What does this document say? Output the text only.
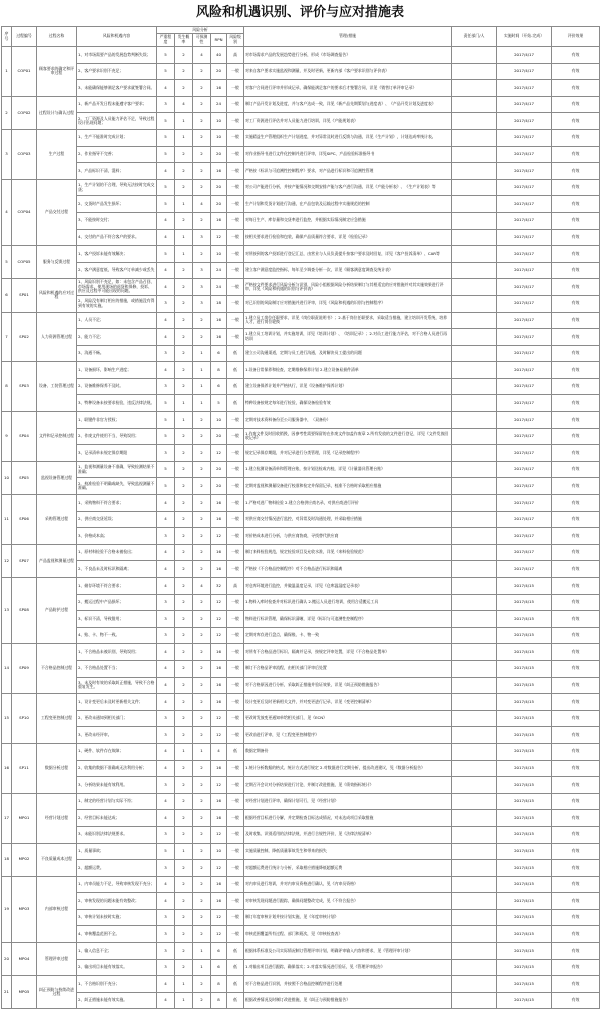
风险和机遇识别、评价与应对措施表
序号	过程编号	过程名称	风险和机遇内容	风险分析					管理/措施	责任部门/人	实施时间（开始-完成）	评价效果
				严重程度	发生概率	可探测性	RPN	风险级别				
1	COP01	顾客要求的确定和评审过程	1、对市场需要产品的发展趋势判断失误；	5	2	4	40	高	对市场需求产品的发展趋势进行分析，形成《市场调查报告》		2017/4/17	有效
			2、客户要求识别不充足；	5	2	2	20	一般	对来自客户要求实施监视和测量，并及时更新，更新内部《客户要求识别与评价表》		2017/4/17	有效
			3、未能确保能够满足客户要求就签署合同。	4	2	2	16	一般	对客户合同进行评审并形成记录，确保能满足客户的要求后才签署合同，详见《销售订单评审记录》		2017/4/17	有效
2	COP02	过程设计与确认过程	1、新产品开发日程未能遵守客户要求；	3	4	2	24	一般	制订产品开发计划及进度，并与客户达成一致，详见《新产品先期策划与进度表》、《产品开发计划及进度表》		2017/4/17	有效
			2、工厂资源及人员能力评估不足，导致过程设计出现问题；	5	1	2	10	一般	对工厂资源进行评估并对人员能力进行培训，详见《产能规划表》		2017/4/17	有效
3	COP03	生产过程	1、生产不能准时完成计划；	5	1	2	10	一般	实施精益生产管理组织生产计划进度，并对异常及时进行反馈与沟通，详见《生产计划》，计划达成率统计表。		2017/4/17	有效
			2、作业指导不完善；	5	2	2	20	一般	对作业指导书进行文件化控制并进行评审，详见SIPC、产品检验标准指导书		2017/4/17	有效
			3、产品标识不清，混料；	4	2	2	16	一般	严格按《标识与可追溯性控制程序》要求，对产品进行标识和可追溯性管理		2017/4/17	有效
4	COP04	产品交付过程	1、生产计划的不合理，导致无法按时完成交货；	5	2	2	20	一般	对公司产能进行分析，并按产能情况和交期安排产能与客户进行沟通，详见《产能分析表》、《生产计划表》等		2017/4/17	有效
			2、交货时产品发生损坏；	5	1	4	20	一般	生产计划和发货计划进行沟通，在产品包装及运输过程中实施规范的控制		2017/4/17	有效
			3、不能按时交付；	4	2	2	16	一般	对每日生产、库存量和交货率进行监控，并根据实际情况制定应急措施		2017/4/17	有效
			4、交付的产品不符合客户的要求。	4	1	3	12	一般	按相关要求进行检验和包装，确保产品质量符合要求，详见《检验记录》		2017/4/17	有效
5	COP05	服务与反馈过程	1、客户投诉未能有效解决；	5	1	2	10	一般	对所接到的客户投诉进行登记汇总，由营业与人员负责提升按客户要求及时回复，详见《客户投诉清单》、CAR等		2017/4/17	有效
			2、客户满意度低，导致客户订单减少或丢失	4	2	3	24	一般	建立客户满意度监控指标，每年至少调查分析一次，详见《顾客满意度调查及统计表》		2017/4/17	有效
6	SP01	风险和机遇的应对过程	1、风险识别不充足，如：未包含产品召回、市场需求、使用现场的退货和保修，投诉、供应及过程中可能出现的问题。	4	2	3	24	一般	严格按文件要求进行风险分析与识别，风险小组根据风险分析结果制订与其相适宜的应对措施并对其实施效果进行评审，详见《风险和机遇的识别与评价表》		2017/4/17	有效
			2、风险没有制订相应的措施，或措施没有得到有效的实施。	3	2	3	18	一般	对已识别的风险制订应对措施并进行评审，详见《风险和机遇的识别与控制程序》		2017/4/17	有效
7	SP02	人力资源管理过程	1、人员不足；	4	2	2	16	一般	1.建立员工岗位任职要求，详见《岗位职责说明书》；2.基于岗位任职要求，采取适当措施，建立培训开发系统，培养人才，进行岗位轮换		2017/4/17	有效
			2、能力不足；	4	2	2	16	一般	1.建立员工培训计划，并实施培训，详见《培训计划》、《培训记录》；2.对员工进行能力评估，对不合格人员进行再培训		2017/4/17	有效
			3、沟通不畅。	3	2	1	6	低	建立公司沟通渠道，定期与员工进行沟通，及时解决员工提出的问题		2017/4/17	有效
8	SP03	设备、工装管理过程	1、设备损坏，影响生产进度；	4	2	1	8	低	1.设备日常保养和检查，定期维修保养计划 2.建立设备易损件清单		2017/4/17	有效
			2、设备维修保养不及时。	3	2	1	6	低	建立设备保养计划并严格执行，详见《设备维护保养计划》		2017/4/17	有效
			3、特种设备未按要求检验，违反法律法规。	5	1	1	5	低	特种设备按规定每年进行检验，确保设备检验有效		2017/4/17	有效
9	SP04	文件和记录控制过程	1、联键件非官方授权；	5	1	2	10	一般	定期对技术资料备份至公司服务器中，（双备份）		2017/4/17	有效
			2、作废文件使用不当，导致误用；	5	2	2	20	一般	1.作废文件及时回收销毁，因参考性需要保留的在作废文件加盖作废章 2.所有发放的文件进行登记，详见《文件发放回收记录》		2017/4/17	有效
			3、记录清单未规定保存期限	3	2	2	12	一般	规定记录保存期限，并对记录进行分类管理，详见《记录控制程序》		2017/4/17	有效
10	SP05	监视设备管理过程	1、监视和测量设备不准确，导致检测结果不准确；	5	2	2	20	一般	1.建立检测设备清单和管理台账，按计划送检或内校，详见《计量器具管理台账》		2017/4/17	有效
			2、校准检验不明确或缺失，导致监视测量不准确。	5	2	2	20	一般	定期对监视和测量设备进行校准和检定并保留记录，校准不合格时采取相应措施		2017/4/17	有效
11	SP06	采购管理过程	1、采购物料不符合要求；	4	2	2	16	一般	1.严格对进厂物料检验 2.建立合格供应商名录，对供应商进行评价		2017/4/17	有效
			2、供应商交货延误；	4	2	2	16	一般	对供应商交付情况进行监控，对异常及时沟通处理，并采取相应措施		2017/4/17	有效
			3、价格成本高；	3	2	2	12	一般	对价格成本进行分析，与供应商协商，寻找替代供应商		2017/4/17	有效
12	SP07	产品监视和测量过程	1、原材料检验不合格未被检出；	4	2	2	16	一般	制订来料检验规范，规定检验项目及允收水准，详见《来料检验规范》		2017/4/17	有效
			2、不良品未及时标识和隔离；	4	2	2	16	一般	严格按《不合格品控制程序》对不合格品进行标识和隔离		2017/4/17	有效
13	SP08	产品防护过程	1、储存环境不符合要求；	4	2	4	32	高	对仓库环境进行监控，并做温湿度记录，详见《仓库温湿度记录表》		2017/4/15	有效
			2、搬运过程中产品损坏；	3	2	2	12	一般	1.物料入库时检查并对标识进行确认 2.搬运人员进行培训，使用合适搬运工具		2017/4/15	有效
			3、标识不清，导致错用；	3	2	2	12	一般	物料进行标识管理，确保标识清晰，详见《标识与可追溯性控制程序》		2017/4/15	有效
			4、账、卡、物不一致。	3	2	2	12	一般	定期对库存进行盘点，确保账、卡、物一致		2017/4/15	有效
14	SP09	不合格品控制过程	1、不合格品未被识别，导致误用；	4	2	2	16	一般	对所有不合格品进行标识、隔离并记录，按规定评审处置，详见《不合格品处置单》		2017/4/15	有效
			2、不合格品处置不当；	4	2	2	16	一般	制订不合格品评审流程，由相关部门评审后处置		2017/4/15	有效
			3、未及时有效的采取纠正措施，导致不合格重复发生。	4	2	2	16	一般	对不合格原因进行分析，采取纠正措施并验证效果，详见《纠正预防措施报告》		2017/4/15	有效
15	SP10	工程变更控制过程	1、设计变更后未及时更新相关文件；	4	2	2	16	一般	设计变更后及时更新相关文件，并对变更进行记录，详见《变更控制清单》		2017/4/15	有效
			2、更改未通知到相关部门；	3	2	2	12	一般	更改时发放变更通知单给相关部门，见《ECN》		2017/4/15	有效
			3、更改未经评审。	3	2	2	12	一般	更改前进行评审，见《工程变更控制程序》		2017/4/15	有效
16	SP11	数据分析过程	1、硬件、软件存在故障；	4	1	1	4	低	数据定期备份		2017/4/15	有效
			2、收集的数据不准确或无法利用分析；	4	2	2	16	一般	1.统计分析数据的格式、统计方式进行规定 2.对数据进行定期分析，提出改进建议，见《数据分析报告》		2017/4/15	有效
			3、分析结果未能有效利用。	3	2	2	12	一般	定期召开会议对分析结果进行讨论，并制订改进措施，见《绩效指标统计》		2017/4/15	有效
17	MP01	经营计划过程	1、制定的经营计划与实际不符；	4	2	2	16	一般	对经营计划进行评审，确保计划可行，见《经营计划》		2017/4/15	有效
			2、经营目标未能达成；	4	2	2	16	一般	根据经营目标进行分解，并定期检查目标达成情况，对未达成项目采取措施		2017/4/15	有效
			3、未能识别法律法规要求。	3	2	2	12	一般	及时收集、识别适用的法律法规，并进行合规性评价，见《法律法规清单》		2017/4/15	有效
18	MP02	不良质量成本过程	1、质量事故；	5	1	2	10	一般	实施质量控制，降低质量事故发生和带来的损失		2017/4/15	有效
			2、超额运费。	3	2	2	12	一般	对超额运费进行统计与分析，采取相应措施降低超额运费		2017/4/15	有效
19	MP03	内部审核过程	1、内审员能力不足，导致审核发现不充分；	4	2	2	16	一般	对内审员进行培训，并对内审员资格进行确认，见《内审员资格》		2017/4/15	有效
			2、审核发现的问题未能有效整改；	4	2	2	16	一般	对审核发现问题进行跟踪，确保问题整改完成，见《不符合报告》		2017/4/15	有效
			3、审核计划未按时实施；	3	2	2	12	一般	制订年度审核计划并按计划实施，见《年度审核计划》		2017/4/15	有效
			4、审核覆盖范围不全。	3	2	2	12	一般	审核范围覆盖所有过程、部门和班次，见《审核检查表》		2017/4/15	有效
20	MP04	管理评审过程	1、输入信息不全；	3	2	1	6	低	根据体系标准及公司实际情况制订管理评审计划，明确评审输入内容和要求，见《管理评审计划》		2017/4/15	有效
			2、输出项目未能有效落实。	3	2	1	6	低	1.对输出项目进行跟踪，确保落实；2.对落实情况进行验证，见《管理评审报告》		2017/4/15	有效
21	MP05	纠正预防与持续改进过程	1、不合格识别不充分；	4	1	2	8	低	对不合格品进行识别，并按照不合格品控制程序进行处理		2017/4/15	有效
			2、纠正措施未能有效实施。	4	1	2	8	低	根据改善情况及时制订改进措施，见《纠正与预防措施报告》		2017/4/15	有效
